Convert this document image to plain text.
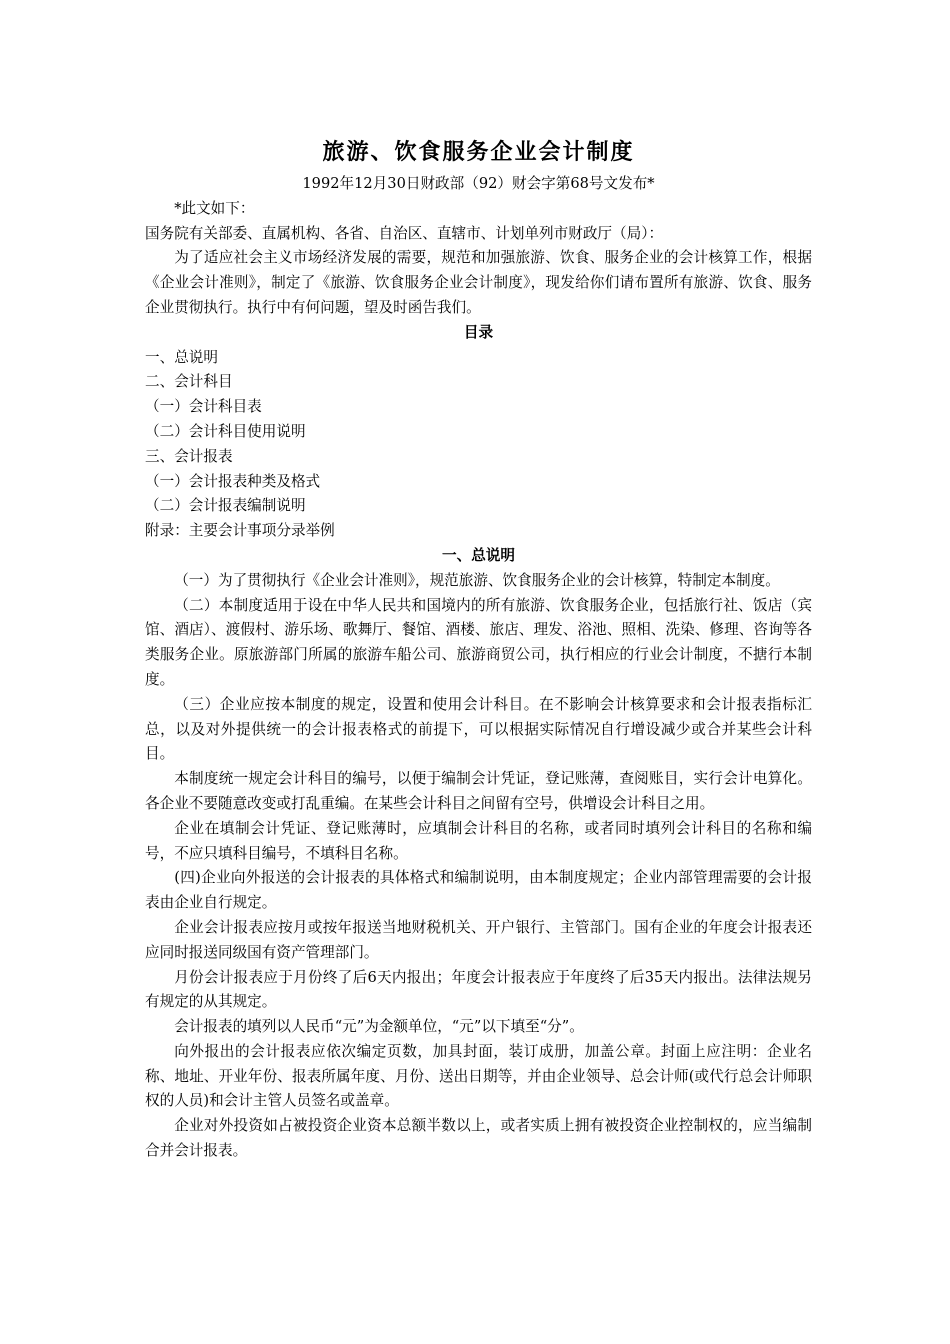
旅游、饮食服务企业会计制度

1992年12月30日财政部（92）财会字第68号文发布*

*此文如下：

国务院有关部委、直属机构、各省、自治区、直辖市、计划单列市财政厅（局）：

为了适应社会主义市场经济发展的需要，规范和加强旅游、饮食、服务企业的会计核算工作，根据《企业会计准则》，制定了《旅游、饮食服务企业会计制度》，现发给你们请布置所有旅游、饮食、服务企业贯彻执行。执行中有何问题，望及时函告我们。

目录

一、总说明

二、会计科目

（一）会计科目表

（二）会计科目使用说明

三、会计报表

（一）会计报表种类及格式

（二）会计报表编制说明

附录：主要会计事项分录举例

一、总说明

（一）为了贯彻执行《企业会计准则》，规范旅游、饮食服务企业的会计核算，特制定本制度。

（二）本制度适用于设在中华人民共和国境内的所有旅游、饮食服务企业，包括旅行社、饭店（宾馆、酒店）、渡假村、游乐场、歌舞厅、餐馆、酒楼、旅店、理发、浴池、照相、洗染、修理、咨询等各类服务企业。原旅游部门所属的旅游车船公司、旅游商贸公司，执行相应的行业会计制度，不搪行本制度。

（三）企业应按本制度的规定，设置和使用会计科目。在不影响会计核算要求和会计报表指标汇总，以及对外提供统一的会计报表格式的前提下，可以根据实际情况自行增设减少或合并某些会计科目。

本制度统一规定会计科目的编号，以便于编制会计凭证，登记账薄，查阅账目，实行会计电算化。各企业不要随意改变或打乱重编。在某些会计科目之间留有空号，供增设会计科目之用。

企业在填制会计凭证、登记账薄时，应填制会计科目的名称，或者同时填列会计科目的名称和编号，不应只填科目编号，不填科目名称。

(四)企业向外报送的会计报表的具体格式和编制说明，由本制度规定；企业内部管理需要的会计报表由企业自行规定。

企业会计报表应按月或按年报送当地财税机关、开户银行、主管部门。国有企业的年度会计报表还应同时报送同级国有资产管理部门。

月份会计报表应于月份终了后6天内报出；年度会计报表应于年度终了后35天内报出。法律法规另有规定的从其规定。

会计报表的填列以人民币“元”为金额单位，“元”以下填至“分”。

向外报出的会计报表应依次编定页数，加具封面，装订成册，加盖公章。封面上应注明：企业名称、地址、开业年份、报表所属年度、月份、送出日期等，并由企业领导、总会计师(或代行总会计师职权的人员)和会计主管人员签名或盖章。

企业对外投资如占被投资企业资本总额半数以上，或者实质上拥有被投资企业控制权的，应当编制合并会计报表。
